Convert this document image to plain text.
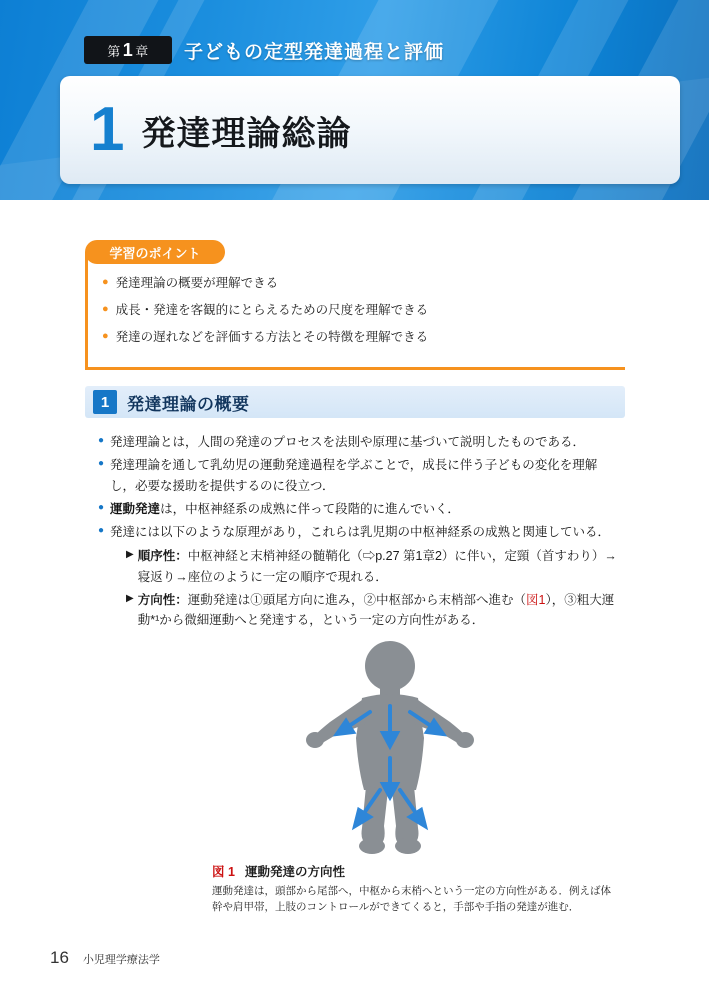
第 1 章 子どもの定型発達過程と評価
1 発達理論総論
学習のポイント
● 発達理論の概要が理解できる
● 成長・発達を客観的にとらえるための尺度を理解できる
● 発達の遅れなどを評価する方法とその特徴を理解できる
1	発達理論の概要
● 発達理論とは，人間の発達のプロセスを法則や原理に基づいて説明したものである．
● 発達理論を通して乳幼児の運動発達過程を学ぶことで，成長に伴う子どもの変化を理解し，必要な援助を提供するのに役立つ．
● 運動発達は，中枢神経系の成熟に伴って段階的に進んでいく．
● 発達には以下のような原理があり，これらは乳児期の中枢神経系の成熟と関連している．
▶ 順序性：中枢神経と末梢神経の髄鞘化（⇨p.27 第1章2）に伴い，定頸（首すわり）→寝返り→座位のように一定の順序で現れる．
▶ 方向性：運動発達は①頭尾方向に進み，②中枢部から末梢部へ進む（図1），③粗大運動*¹から微細運動へと発達する，という一定の方向性がある．
図 1 運動発達の方向性
運動発達は，頭部から尾部へ，中枢から末梢へという一定の方向性がある．例えば体幹や肩甲帯，上肢のコントロールができてくると，手部や手指の発達が進む．
16 小児理学療法学
